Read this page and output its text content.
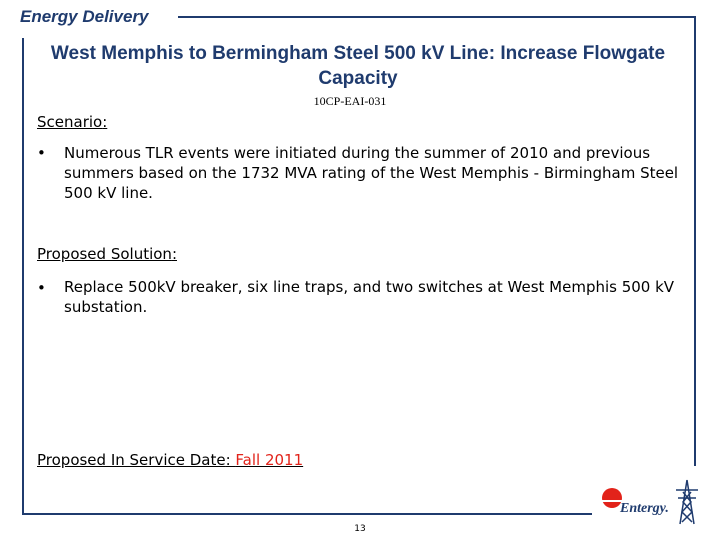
Energy Delivery
West Memphis to Bermingham Steel 500 kV Line: Increase Flowgate Capacity
10CP-EAI-031
Scenario:
• Numerous TLR events were initiated during the summer of 2010 and previous summers based on the 1732 MVA rating of the West Memphis - Birmingham Steel 500 kV line.
Proposed Solution:
• Replace 500kV breaker, six line traps, and two switches at West Memphis 500 kV substation.
Proposed In Service Date: Fall 2011
13
Entergy.
